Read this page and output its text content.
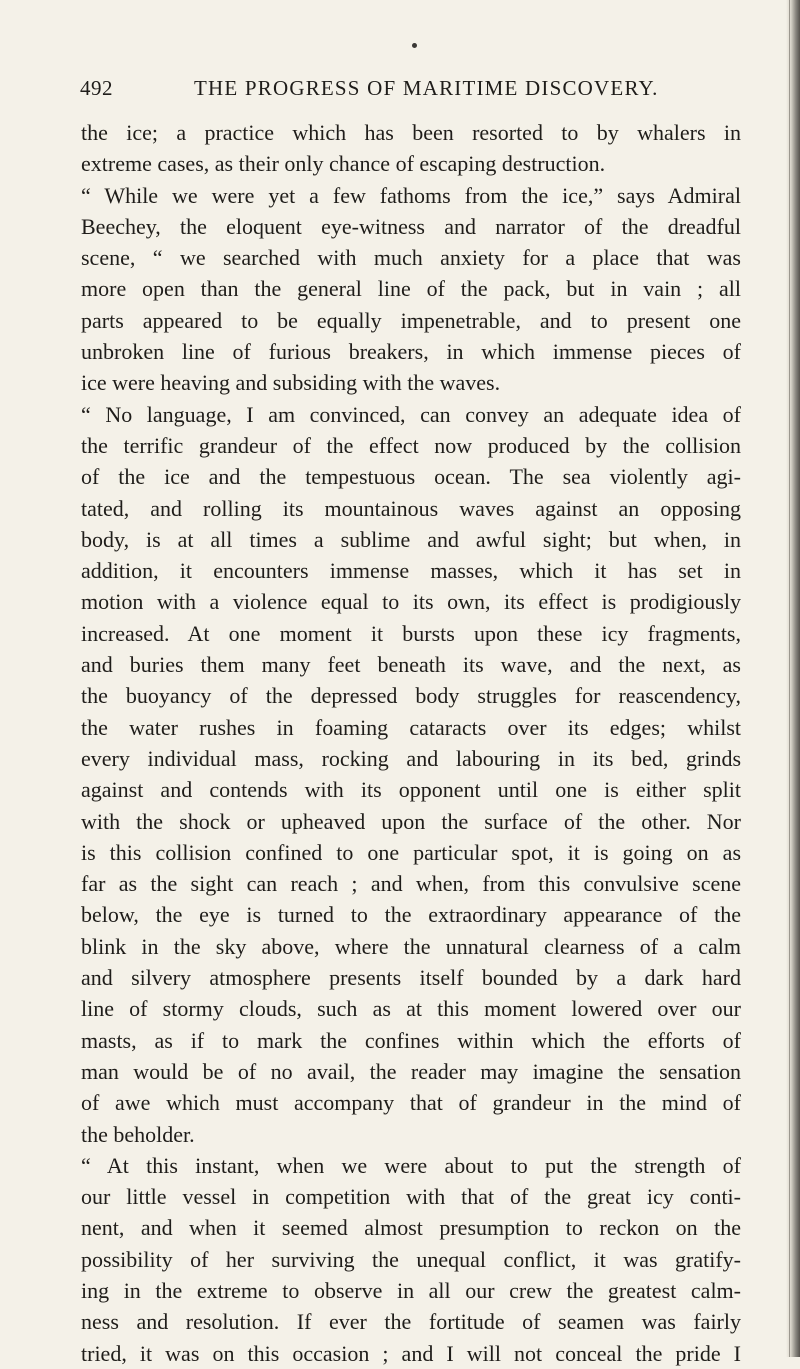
492	THE PROGRESS OF MARITIME DISCOVERY.
the ice; a practice which has been resorted to by whalers in
extreme cases, as their only chance of escaping destruction.
“ While we were yet a few fathoms from the ice,” says Admiral
Beechey, the eloquent eye-witness and narrator of the dreadful
scene, “ we searched with much anxiety for a place that was
more open than the general line of the pack, but in vain ; all
parts appeared to be equally impenetrable, and to present one
unbroken line of furious breakers, in which immense pieces of
ice were heaving and subsiding with the waves.
“ No language, I am convinced, can convey an adequate idea of
the terrific grandeur of the effect now produced by the collision
of the ice and the tempestuous ocean. The sea violently agi-
tated, and rolling its mountainous waves against an opposing
body, is at all times a sublime and awful sight; but when, in
addition, it encounters immense masses, which it has set in
motion with a violence equal to its own, its effect is prodigiously
increased. At one moment it bursts upon these icy fragments,
and buries them many feet beneath its wave, and the next, as
the buoyancy of the depressed body struggles for reascendency,
the water rushes in foaming cataracts over its edges; whilst
every individual mass, rocking and labouring in its bed, grinds
against and contends with its opponent until one is either split
with the shock or upheaved upon the surface of the other. Nor
is this collision confined to one particular spot, it is going on as
far as the sight can reach ; and when, from this convulsive scene
below, the eye is turned to the extraordinary appearance of the
blink in the sky above, where the unnatural clearness of a calm
and silvery atmosphere presents itself bounded by a dark hard
line of stormy clouds, such as at this moment lowered over our
masts, as if to mark the confines within which the efforts of
man would be of no avail, the reader may imagine the sensation
of awe which must accompany that of grandeur in the mind of
the beholder.
“ At this instant, when we were about to put the strength of
our little vessel in competition with that of the great icy conti-
nent, and when it seemed almost presumption to reckon on the
possibility of her surviving the unequal conflict, it was gratify-
ing in the extreme to observe in all our crew the greatest calm-
ness and resolution. If ever the fortitude of seamen was fairly
tried, it was on this occasion ; and I will not conceal the pride I
